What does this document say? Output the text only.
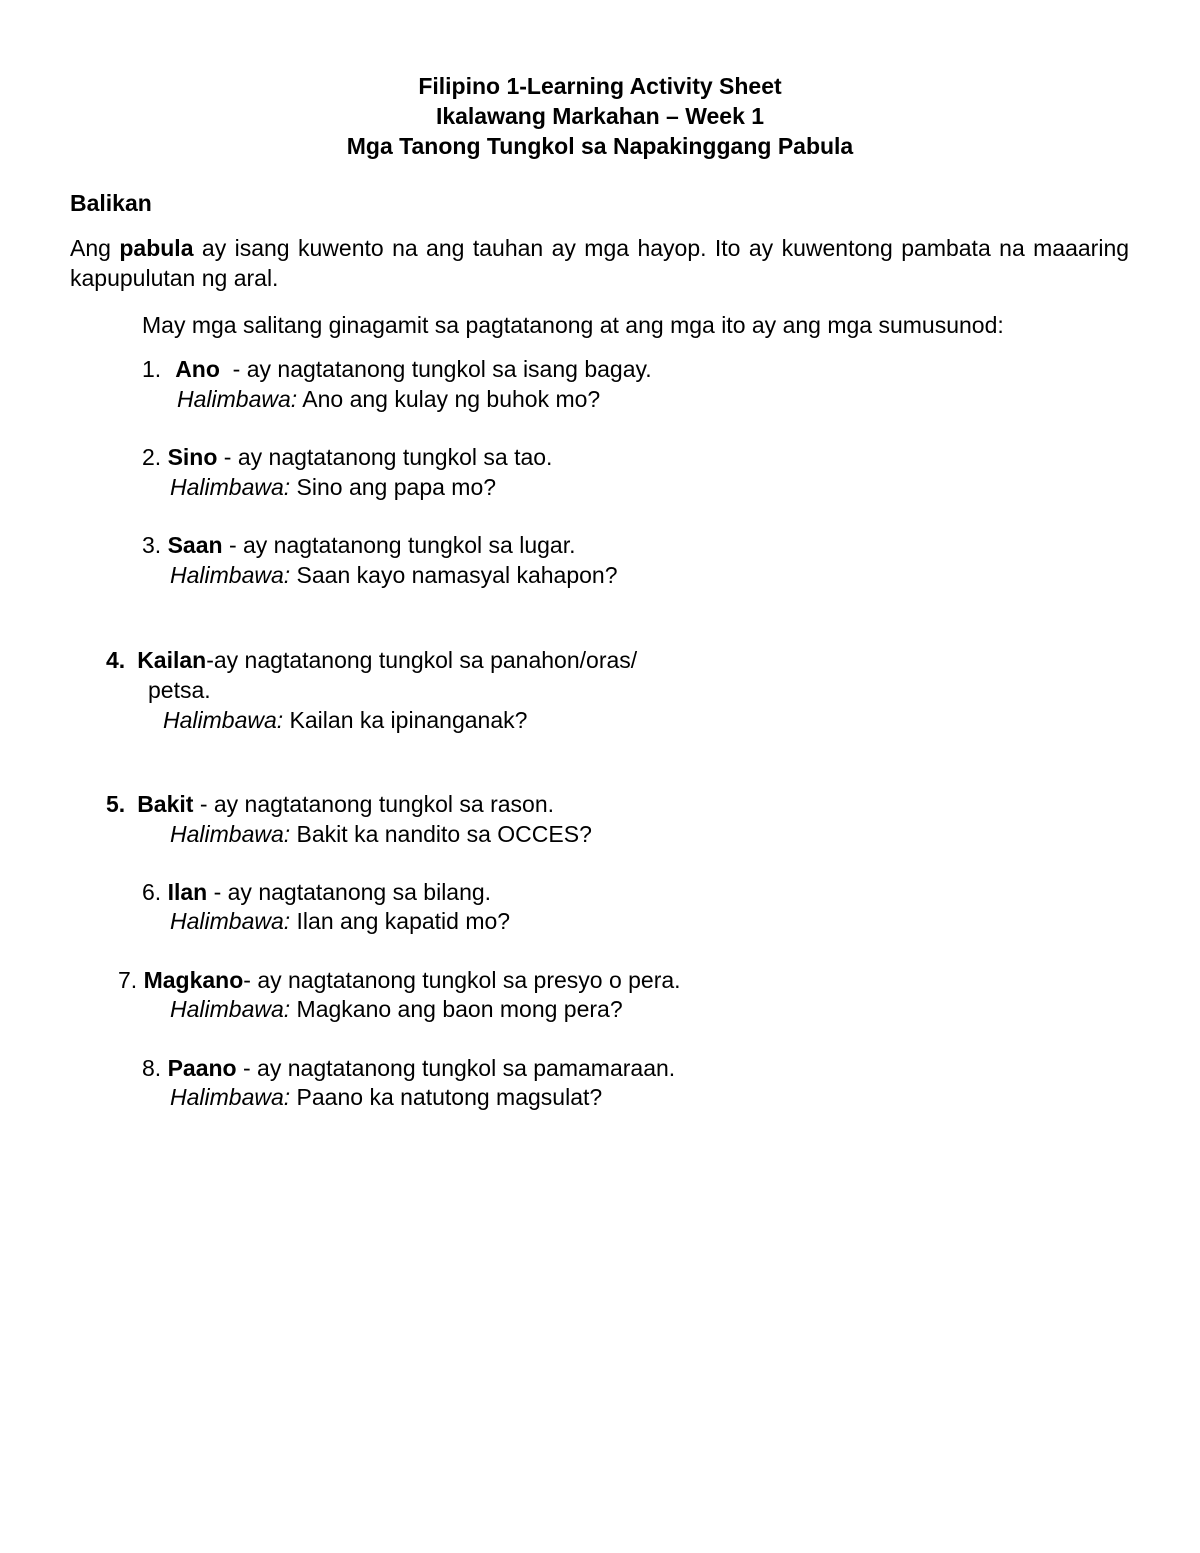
Filipino 1-Learning Activity Sheet
Ikalawang Markahan – Week 1
Mga Tanong Tungkol sa Napakinggang Pabula
Balikan
Ang pabula ay isang kuwento na ang tauhan ay mga hayop. Ito ay kuwentong pambata na maaaring kapupulutan ng aral.
May mga salitang ginagamit sa pagtatanong at ang mga ito ay ang mga sumusunod:
1. Ano  - ay nagtatanong tungkol sa isang bagay.
Halimbawa: Ano ang kulay ng buhok mo?
2. Sino - ay nagtatanong tungkol sa tao.
Halimbawa: Sino ang papa mo?
3. Saan - ay nagtatanong tungkol sa lugar.
Halimbawa: Saan kayo namasyal kahapon?
4. Kailan-ay nagtatanong tungkol sa panahon/oras/
petsa.
Halimbawa: Kailan ka ipinanganak?
5. Bakit - ay nagtatanong tungkol sa rason.
Halimbawa: Bakit ka nandito sa OCCES?
6. Ilan - ay nagtatanong sa bilang.
Halimbawa: Ilan ang kapatid mo?
7. Magkano- ay nagtatanong tungkol sa presyo o pera.
Halimbawa: Magkano ang baon mong pera?
8. Paano - ay nagtatanong tungkol sa pamamaraan.
Halimbawa: Paano ka natutong magsulat?
